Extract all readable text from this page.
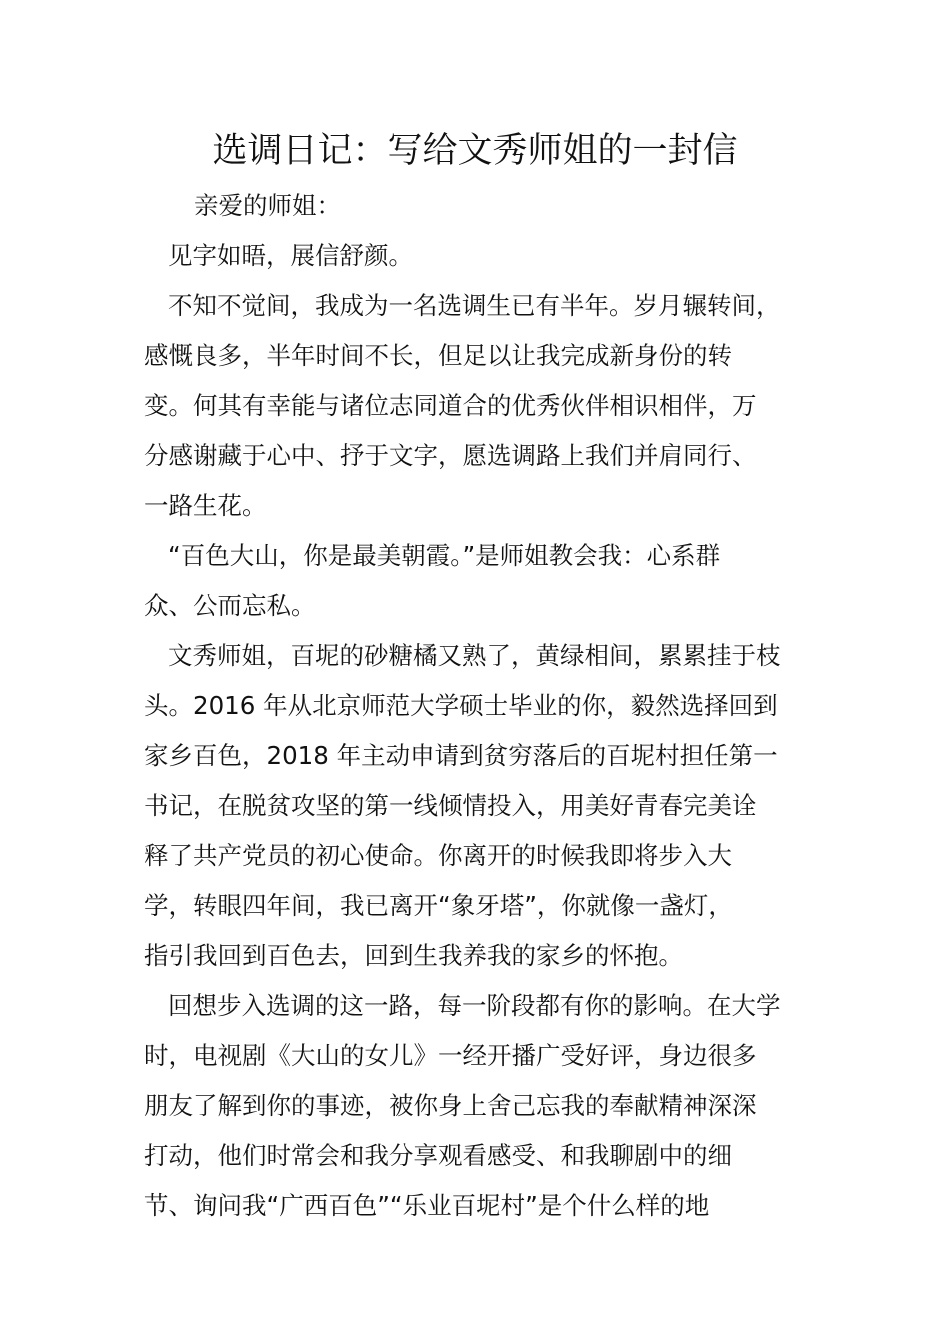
选调日记：写给文秀师姐的一封信
亲爱的师姐：
见字如晤，展信舒颜。
不知不觉间，我成为一名选调生已有半年。岁月辗转间，
感慨良多，半年时间不长，但足以让我完成新身份的转
变。何其有幸能与诸位志同道合的优秀伙伴相识相伴，万
分感谢藏于心中、抒于文字，愿选调路上我们并肩同行、
一路生花。
“百色大山，你是最美朝霞。”是师姐教会我：心系群
众、公而忘私。
文秀师姐，百坭的砂糖橘又熟了，黄绿相间，累累挂于枝
头。2016 年从北京师范大学硕士毕业的你，毅然选择回到
家乡百色，2018 年主动申请到贫穷落后的百坭村担任第一
书记，在脱贫攻坚的第一线倾情投入，用美好青春完美诠
释了共产党员的初心使命。你离开的时候我即将步入大
学，转眼四年间，我已离开“象牙塔”，你就像一盏灯，
指引我回到百色去，回到生我养我的家乡的怀抱。
回想步入选调的这一路，每一阶段都有你的影响。在大学
时，电视剧《大山的女儿》一经开播广受好评，身边很多
朋友了解到你的事迹，被你身上舍己忘我的奉献精神深深
打动，他们时常会和我分享观看感受、和我聊剧中的细
节、询问我“广西百色”“乐业百坭村”是个什么样的地
